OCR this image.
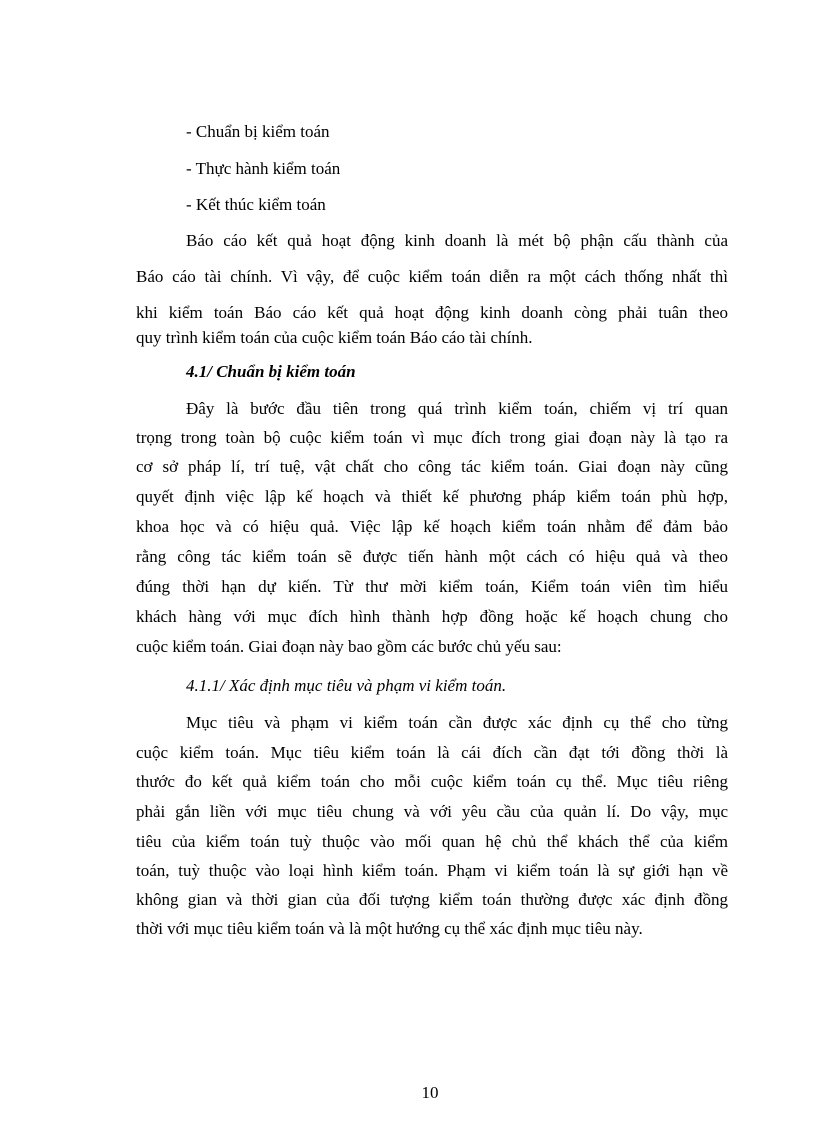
- Chuẩn bị kiểm toán
- Thực hành kiểm toán
- Kết thúc kiểm toán
Báo cáo kết quả hoạt động kinh doanh là mét bộ phận cấu thành của
Báo cáo tài chính. Vì vậy, để cuộc kiểm toán diễn ra một cách thống nhất thì
khi kiểm toán Báo cáo kết quả hoạt động kinh doanh còng phải tuân theo
quy trình kiểm toán của cuộc kiểm toán Báo cáo tài chính.
4.1/ Chuẩn bị kiểm toán
Đây là bước đầu tiên trong quá trình kiểm toán, chiếm vị trí quan
trọng trong toàn bộ cuộc kiểm toán vì mục đích trong giai đoạn này là tạo ra
cơ sở pháp lí, trí tuệ, vật chất cho công tác kiểm toán. Giai đoạn này cũng
quyết định việc lập kế hoạch và thiết kế phương pháp kiểm toán phù hợp,
khoa học và có hiệu quả. Việc lập kế hoạch kiểm toán nhằm để đảm bảo
rằng công tác kiểm toán sẽ được tiến hành một cách có hiệu quả và theo
đúng thời hạn dự kiến. Từ thư mời kiểm toán, Kiểm toán viên tìm hiểu
khách hàng với mục đích hình thành hợp đồng hoặc kế hoạch chung cho
cuộc kiểm toán. Giai đoạn này bao gồm các bước chủ yếu sau:
4.1.1/ Xác định mục tiêu và phạm vi kiểm toán.
Mục tiêu và phạm vi kiểm toán cần được xác định cụ thể cho từng
cuộc kiểm toán. Mục tiêu kiểm toán là cái đích cần đạt tới đồng thời là
thước đo kết quả kiểm toán cho mỗi cuộc kiểm toán cụ thể. Mục tiêu riêng
phải gắn liền với mục tiêu chung và với yêu cầu của quản lí. Do vậy, mục
tiêu của kiểm toán tuỳ thuộc vào mối quan hệ chủ thể khách thể của kiểm
toán, tuỳ thuộc vào loại hình kiểm toán. Phạm vi kiểm toán là sự giới hạn về
không gian và thời gian của đối tượng kiểm toán thường được xác định đồng
thời với mục tiêu kiểm toán và là một hướng cụ thể xác định mục tiêu này.
10
